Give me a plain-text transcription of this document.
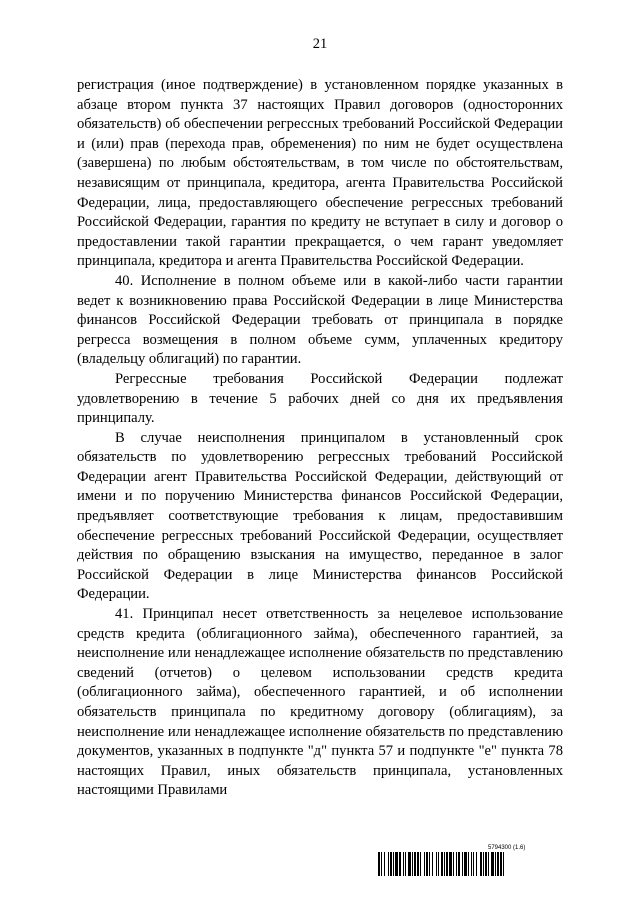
21

регистрация (иное подтверждение) в установленном порядке указанных в абзаце втором пункта 37 настоящих Правил договоров (односторонних обязательств) об обеспечении регрессных требований Российской Федерации и (или) прав (перехода прав, обременения) по ним не будет осуществлена (завершена) по любым обстоятельствам, в том числе по обстоятельствам, независящим от принципала, кредитора, агента Правительства Российской Федерации, лица, предоставляющего обеспечение регрессных требований Российской Федерации, гарантия по кредиту не вступает в силу и договор о предоставлении такой гарантии прекращается, о чем гарант уведомляет принципала, кредитора и агента Правительства Российской Федерации.

40. Исполнение в полном объеме или в какой-либо части гарантии ведет к возникновению права Российской Федерации в лице Министерства финансов Российской Федерации требовать от принципала в порядке регресса возмещения в полном объеме сумм, уплаченных кредитору (владельцу облигаций) по гарантии.

Регрессные требования Российской Федерации подлежат удовлетворению в течение 5 рабочих дней со дня их предъявления принципалу.

В случае неисполнения принципалом в установленный срок обязательств по удовлетворению регрессных требований Российской Федерации агент Правительства Российской Федерации, действующий от имени и по поручению Министерства финансов Российской Федерации, предъявляет соответствующие требования к лицам, предоставившим обеспечение регрессных требований Российской Федерации, осуществляет действия по обращению взыскания на имущество, переданное в залог Российской Федерации в лице Министерства финансов Российской Федерации.

41. Принципал несет ответственность за нецелевое использование средств кредита (облигационного займа), обеспеченного гарантией, за неисполнение или ненадлежащее исполнение обязательств по представлению сведений (отчетов) о целевом использовании средств кредита (облигационного займа), обеспеченного гарантией, и об исполнении обязательств принципала по кредитному договору (облигациям), за неисполнение или ненадлежащее исполнение обязательств по представлению документов, указанных в подпункте "д" пункта 57 и подпункте "е" пункта 78 настоящих Правил, иных обязательств принципала, установленных настоящими Правилами

5794300 (1.6)
